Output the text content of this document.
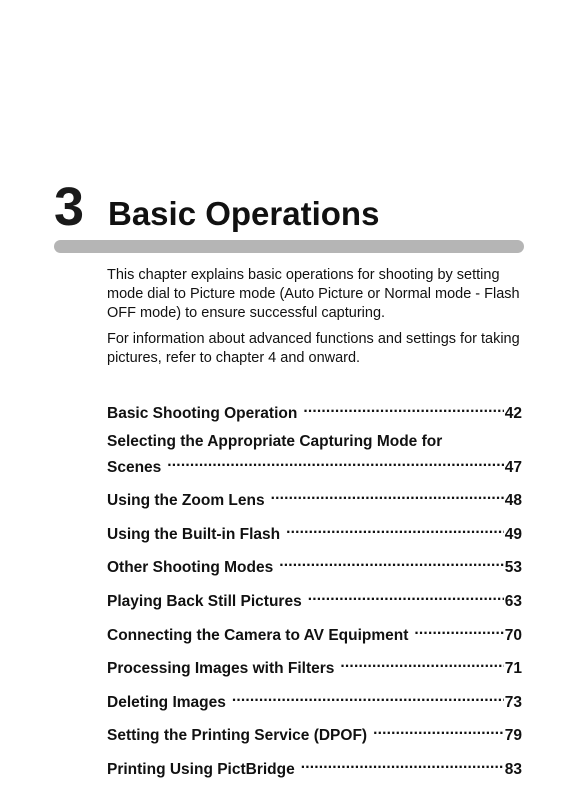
3 Basic Operations

This chapter explains basic operations for shooting by setting mode dial to Picture mode (Auto Picture or Normal mode - Flash OFF mode) to ensure successful capturing.

For information about advanced functions and settings for taking pictures, refer to chapter 4 and onward.

Basic Shooting Operation .....	42
Selecting the Appropriate Capturing Mode for
Scenes .....	47
Using the Zoom Lens .....	48
Using the Built-in Flash .....	49
Other Shooting Modes .....	53
Playing Back Still Pictures .....	63
Connecting the Camera to AV Equipment .....	70
Processing Images with Filters .....	71
Deleting Images .....	73
Setting the Printing Service (DPOF) .....	79
Printing Using PictBridge .....	83
